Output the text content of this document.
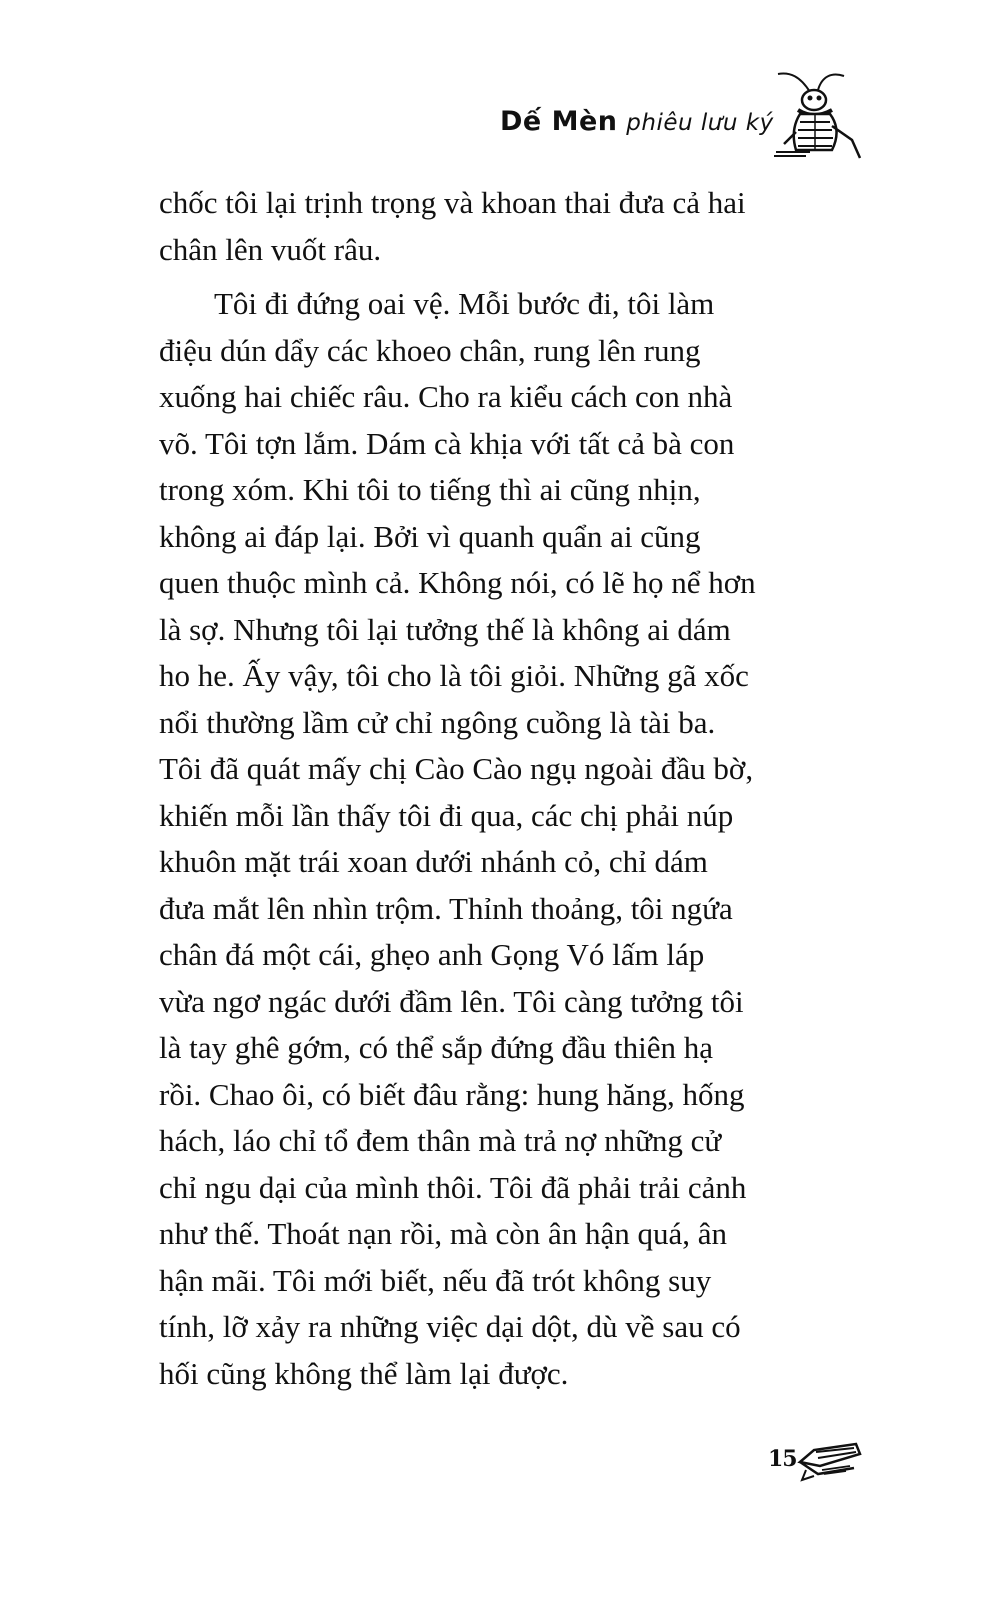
Dế Mèn phiêu lưu ký
chốc tôi lại trịnh trọng và khoan thai đưa cả hai
chân lên vuốt râu.
Tôi đi đứng oai vệ. Mỗi bước đi, tôi làm
điệu dún dẩy các khoeo chân, rung lên rung
xuống hai chiếc râu. Cho ra kiểu cách con nhà
võ. Tôi tợn lắm. Dám cà khịa với tất cả bà con
trong xóm. Khi tôi to tiếng thì ai cũng nhịn,
không ai đáp lại. Bởi vì quanh quẩn ai cũng
quen thuộc mình cả. Không nói, có lẽ họ nể hơn
là sợ. Nhưng tôi lại tưởng thế là không ai dám
ho he. Ấy vậy, tôi cho là tôi giỏi. Những gã xốc
nổi thường lầm cử chỉ ngông cuồng là tài ba.
Tôi đã quát mấy chị Cào Cào ngụ ngoài đầu bờ,
khiến mỗi lần thấy tôi đi qua, các chị phải núp
khuôn mặt trái xoan dưới nhánh cỏ, chỉ dám
đưa mắt lên nhìn trộm. Thỉnh thoảng, tôi ngứa
chân đá một cái, ghẹo anh Gọng Vó lấm láp
vừa ngơ ngác dưới đầm lên. Tôi càng tưởng tôi
là tay ghê gớm, có thể sắp đứng đầu thiên hạ
rồi. Chao ôi, có biết đâu rằng: hung hăng, hống
hách, láo chỉ tổ đem thân mà trả nợ những cử
chỉ ngu dại của mình thôi. Tôi đã phải trải cảnh
như thế. Thoát nạn rồi, mà còn ân hận quá, ân
hận mãi. Tôi mới biết, nếu đã trót không suy
tính, lỡ xảy ra những việc dại dột, dù về sau có
hối cũng không thể làm lại được.
15
